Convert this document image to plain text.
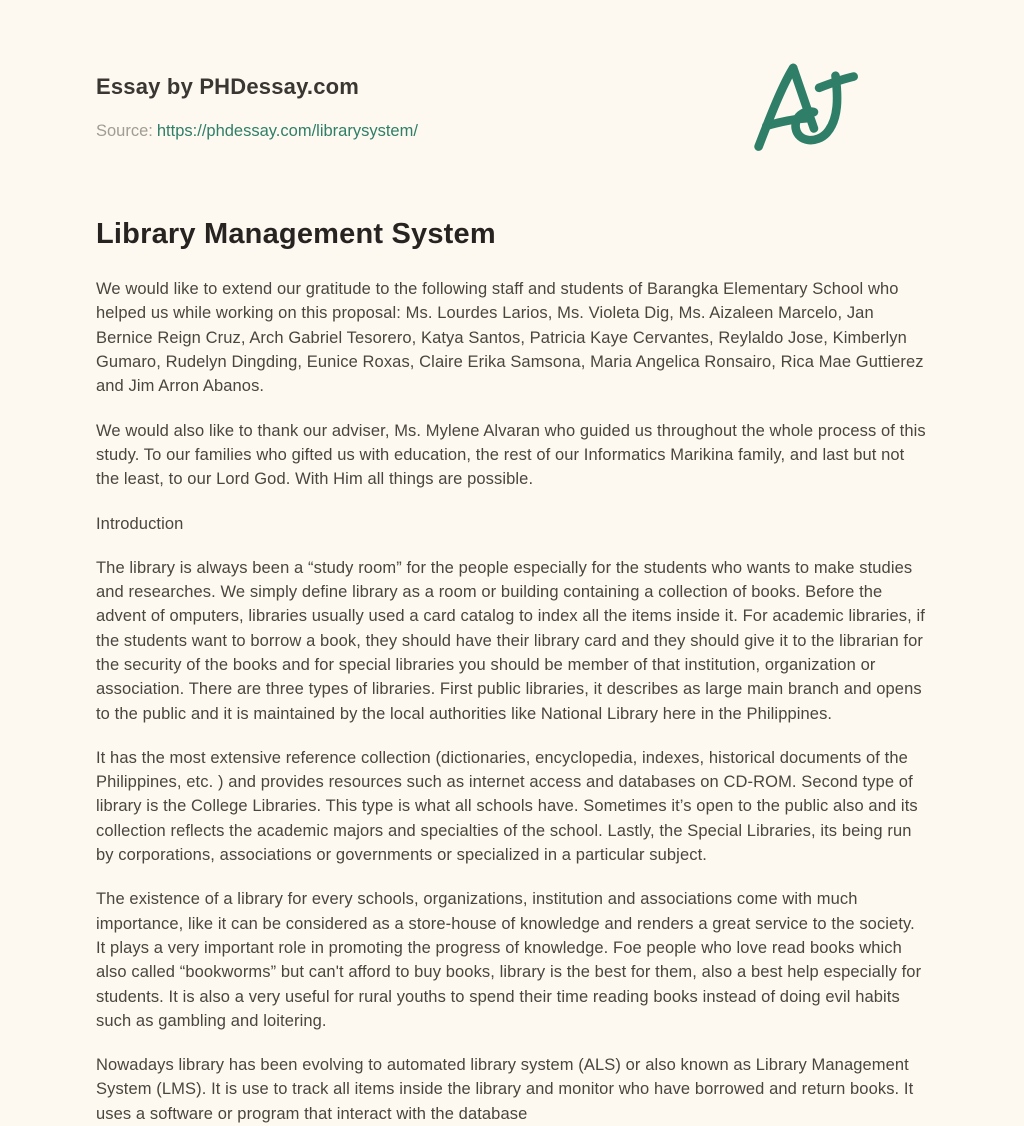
Essay by PHDessay.com

Source: https://phdessay.com/librarysystem/

Library Management System

We would like to extend our gratitude to the following staff and students of Barangka Elementary School who helped us while working on this proposal: Ms. Lourdes Larios, Ms. Violeta Dig, Ms. Aizaleen Marcelo, Jan Bernice Reign Cruz, Arch Gabriel Tesorero, Katya Santos, Patricia Kaye Cervantes, Reylaldo Jose, Kimberlyn Gumaro, Rudelyn Dingding, Eunice Roxas, Claire Erika Samsona, Maria Angelica Ronsairo, Rica Mae Guttierez and Jim Arron Abanos.

We would also like to thank our adviser, Ms. Mylene Alvaran who guided us throughout the whole process of this study. To our families who gifted us with education, the rest of our Informatics Marikina family, and last but not the least, to our Lord God. With Him all things are possible.

Introduction

The library is always been a “study room” for the people especially for the students who wants to make studies and researches. We simply define library as a room or building containing a collection of books. Before the advent of omputers, libraries usually used a card catalog to index all the items inside it. For academic libraries, if the students want to borrow a book, they should have their library card and they should give it to the librarian for the security of the books and for special libraries you should be member of that institution, organization or association. There are three types of libraries. First public libraries, it describes as large main branch and opens to the public and it is maintained by the local authorities like National Library here in the Philippines.

It has the most extensive reference collection (dictionaries, encyclopedia, indexes, historical documents of the Philippines, etc. ) and provides resources such as internet access and databases on CD-ROM. Second type of library is the College Libraries. This type is what all schools have. Sometimes it’s open to the public also and its collection reflects the academic majors and specialties of the school. Lastly, the Special Libraries, its being run by corporations, associations or governments or specialized in a particular subject.

The existence of a library for every schools, organizations, institution and associations come with much importance, like it can be considered as a store-house of knowledge and renders a great service to the society. It plays a very important role in promoting the progress of knowledge. Foe people who love read books which also called “bookworms” but can't afford to buy books, library is the best for them, also a best help especially for students. It is also a very useful for rural youths to spend their time reading books instead of doing evil habits such as gambling and loitering.

Nowadays library has been evolving to automated library system (ALS) or also known as Library Management System (LMS). It is use to track all items inside the library and monitor who have borrowed and return books. It uses a software or program that interact with the database
